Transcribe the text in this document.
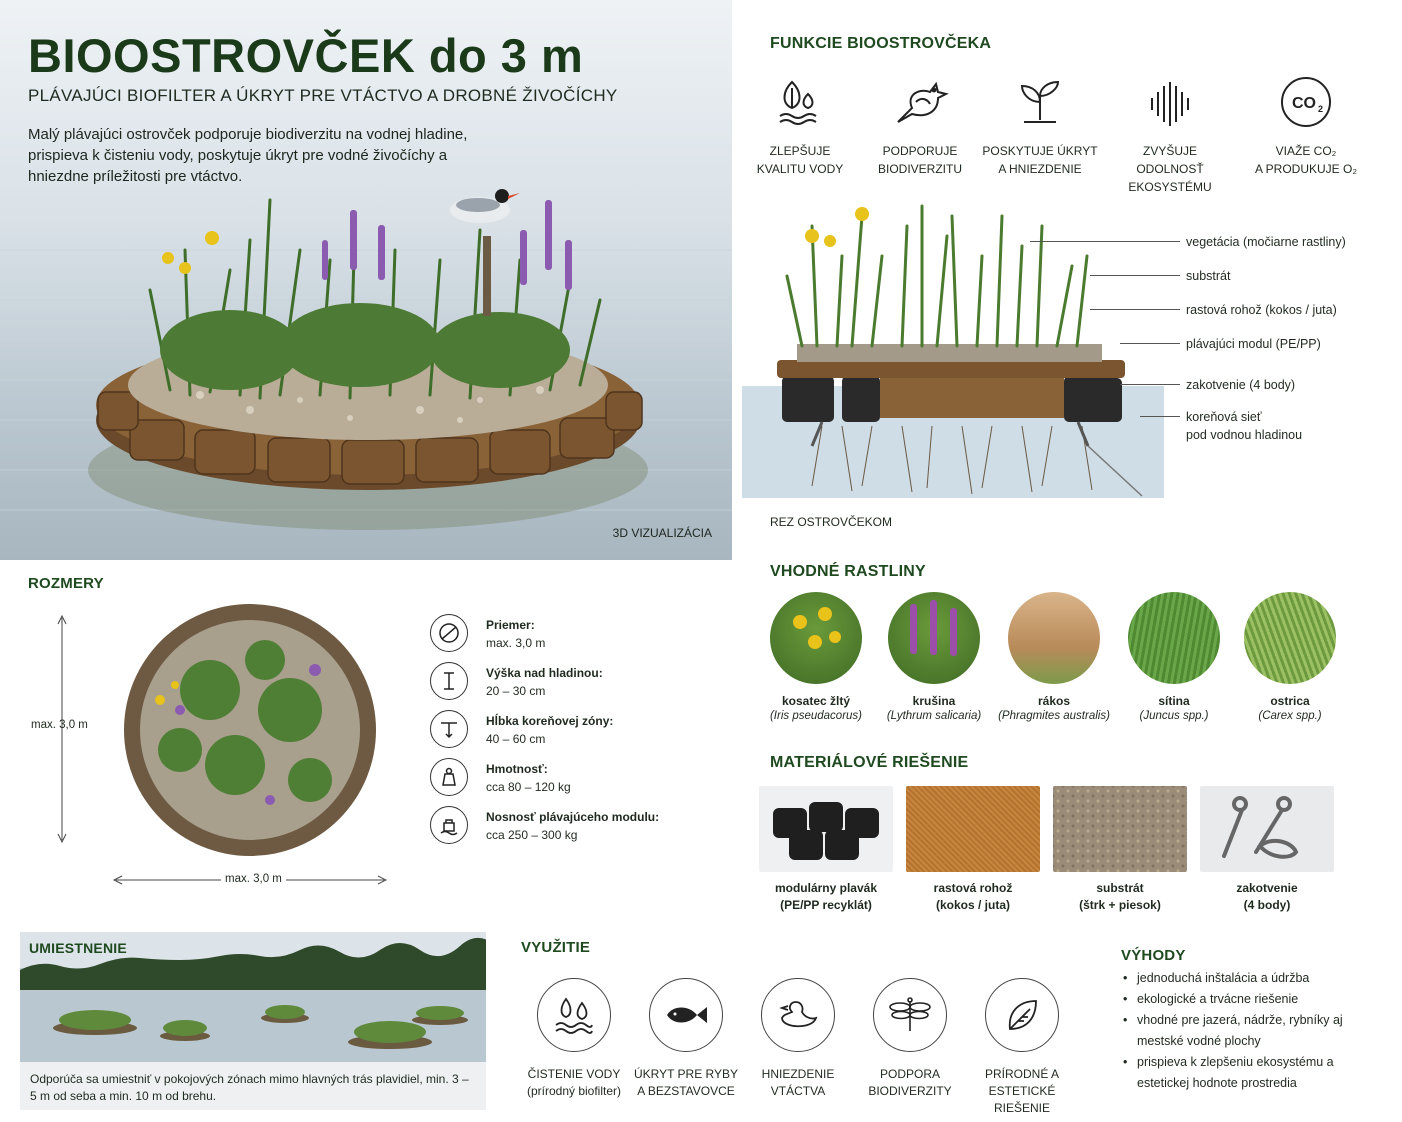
BIOOSTROVČEK do 3 m
PLÁVAJÚCI BIOFILTER A ÚKRYT PRE VTÁCTVO A DROBNÉ ŽIVOČÍCHY
Malý plávajúci ostrovček podporuje biodiverzitu na vodnej hladine, prispieva k čisteniu vody, poskytuje úkryt pre vodné živočíchy a hniezdne príležitosti pre vtáctvo.
3D VIZUALIZÁCIA
FUNKCIE BIOOSTROVČEKA
ZLEPŠUJE
KVALITU VODY
PODPORUJE
BIODIVERZITU
POSKYTUJE ÚKRYT
A HNIEZDENIE
ZVYŠUJE ODOLNOSŤ
EKOSYSTÉMU
CO 2
VIAŽE CO₂
A PRODUKUJE O₂
vegetácia (močiarne rastliny)
substrát
rastová rohož (kokos / juta)
plávajúci modul (PE/PP)
zakotvenie (4 body)
koreňová sieť
pod vodnou hladinou
REZ OSTROVČEKOM
ROZMERY
max. 3,0 m
max. 3,0 m
Priemer:
max. 3,0 m
Výška nad hladinou:
20 – 30 cm
Hĺbka koreňovej zóny:
40 – 60 cm
Hmotnosť:
cca 80 – 120 kg
Nosnosť plávajúceho modulu:
cca 250 – 300 kg
VHODNÉ RASTLINY
kosatec žltý
(Iris pseudacorus)
krušina
(Lythrum salicaria)
rákos
(Phragmites australis)
sítina
(Juncus spp.)
ostrica
(Carex spp.)
MATERIÁLOVÉ RIEŠENIE
modulárny plavák
(PE/PP recyklát)
rastová rohož
(kokos / juta)
substrát
(štrk + piesok)
zakotvenie
(4 body)
UMIESTNENIE
Odporúča sa umiestniť v pokojových zónach mimo hlavných trás plavidiel, min. 3 – 5 m od seba a min. 10 m od brehu.
VYUŽITIE
ČISTENIE VODY
(prírodný biofilter)
ÚKRYT PRE RYBY
A BEZSTAVOVCE
HNIEZDENIE
VTÁCTVA
PODPORA
BIODIVERZITY
PRÍRODNÉ A
ESTETICKÉ RIEŠENIE
VÝHODY
• jednoduchá inštalácia a údržba
• ekologické a trvácne riešenie
• vhodné pre jazerá, nádrže, rybníky aj mestské vodné plochy
• prispieva k zlepšeniu ekosystému a estetickej hodnote prostredia
